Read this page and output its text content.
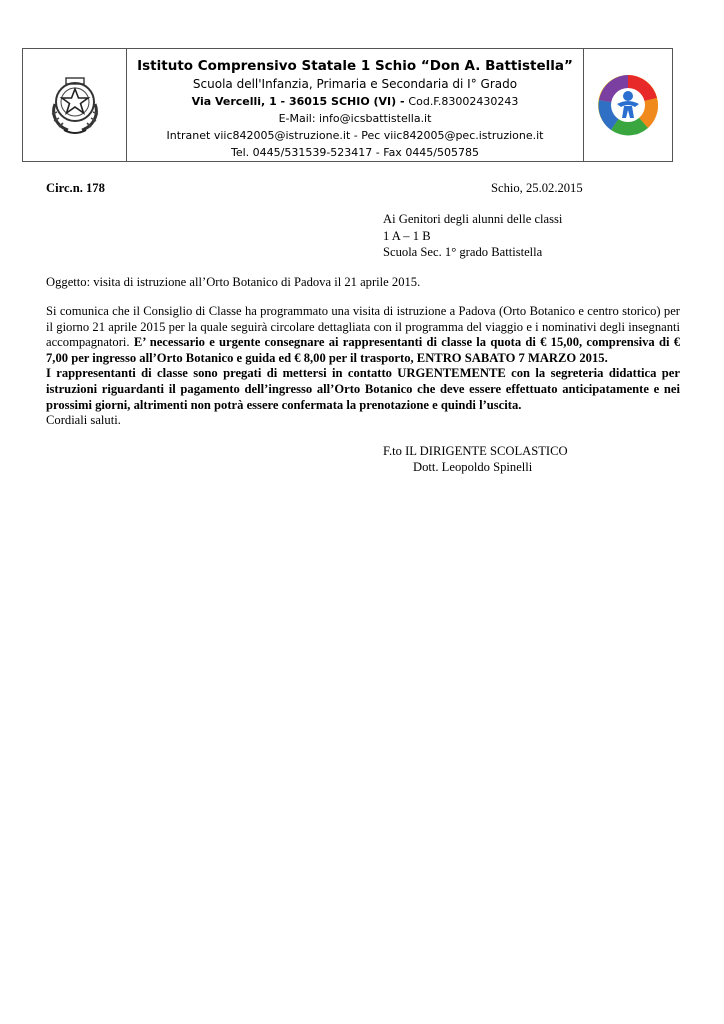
Istituto Comprensivo Statale 1 Schio “Don A. Battistella”
Scuola dell'Infanzia, Primaria e Secondaria di I° Grado
Via Vercelli, 1 - 36015 SCHIO (VI) - Cod.F.83002430243
E-Mail: info@icsbattistella.it
Intranet viic842005@istruzione.it - Pec viic842005@pec.istruzione.it
Tel. 0445/531539-523417 - Fax 0445/505785
Circ.n. 178	Schio, 25.02.2015
Ai Genitori degli alunni delle classi
1 A – 1 B
Scuola Sec. 1° grado Battistella
Oggetto: visita di istruzione all’Orto Botanico di Padova il 21 aprile 2015.

Si comunica che il Consiglio di Classe ha programmato una visita di istruzione a Padova (Orto Botanico e centro storico) per il giorno 21 aprile 2015 per la quale seguirà circolare dettagliata con il programma del viaggio e i nominativi degli insegnanti accompagnatori. E’ necessario e urgente consegnare ai rappresentanti di classe la quota di € 15,00, comprensiva di € 7,00 per ingresso all’Orto Botanico e guida ed € 8,00 per il trasporto, ENTRO SABATO 7 MARZO 2015.

I rappresentanti di classe sono pregati di mettersi in contatto URGENTEMENTE con la segreteria didattica per istruzioni riguardanti il pagamento dell’ingresso all’Orto Botanico che deve essere effettuato anticipatamente e nei prossimi giorni, altrimenti non potrà essere confermata la prenotazione e quindi l’uscita.

Cordiali saluti.

F.to IL DIRIGENTE SCOLASTICO
Dott. Leopoldo Spinelli
